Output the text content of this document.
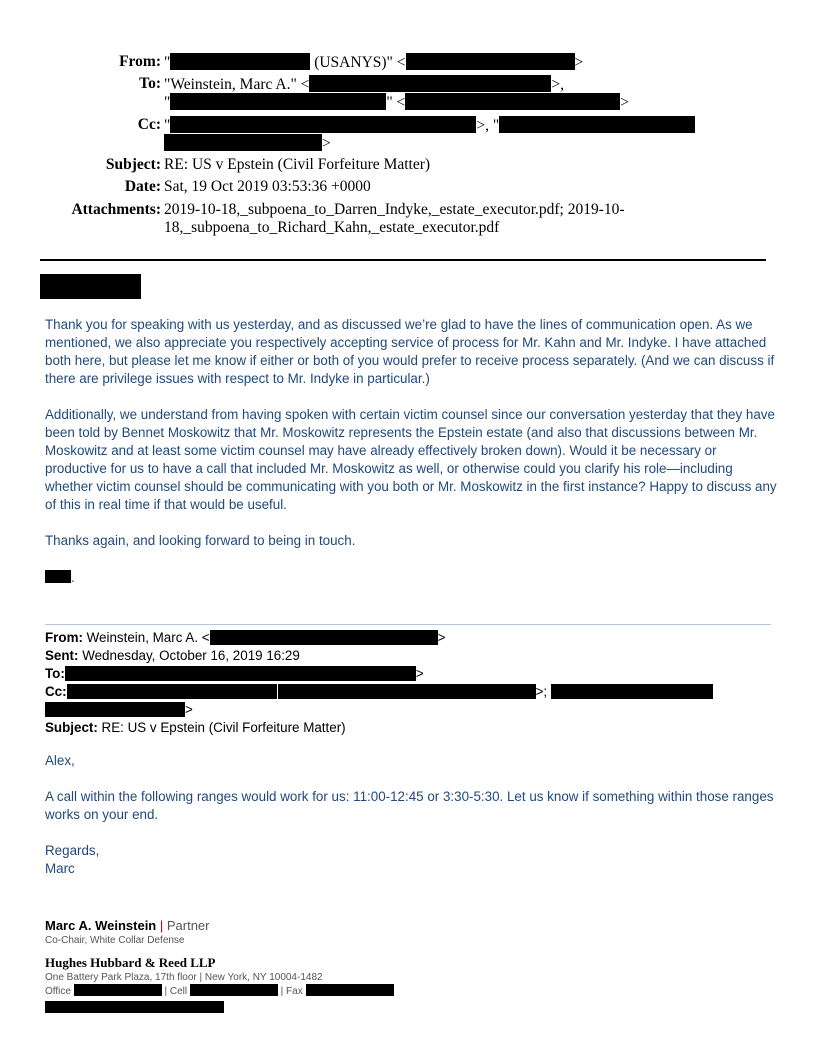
From: "	(USANYS)" <	>
To: "Weinstein, Marc A." <	>,
"	" <	>
Cc: "	>, "
>
Subject: RE: US v Epstein (Civil Forfeiture Matter)
Date: Sat, 19 Oct 2019 03:53:36 +0000
Attachments: 2019-10-18,_subpoena_to_Darren_Indyke,_estate_executor.pdf; 2019-10-
18,_subpoena_to_Richard_Kahn,_estate_executor.pdf

Thank you for speaking with us yesterday, and as discussed we’re glad to have the lines of communication open. As we mentioned, we also appreciate you respectively accepting service of process for Mr. Kahn and Mr. Indyke. I have attached both here, but please let me know if either or both of you would prefer to receive process separately. (And we can discuss if there are privilege issues with respect to Mr. Indyke in particular.)

Additionally, we understand from having spoken with certain victim counsel since our conversation yesterday that they have been told by Bennet Moskowitz that Mr. Moskowitz represents the Epstein estate (and also that discussions between Mr. Moskowitz and at least some victim counsel may have already effectively broken down). Would it be necessary or productive for us to have a call that included Mr. Moskowitz as well, or otherwise could you clarify his role—including whether victim counsel should be communicating with you both or Mr. Moskowitz in the first instance? Happy to discuss any of this in real time if that would be useful.

Thanks again, and looking forward to being in touch.

.
From: Weinstein, Marc A. <	>
Sent: Wednesday, October 16, 2019 16:29
To:	>
Cc:	>;
>
Subject: RE: US v Epstein (Civil Forfeiture Matter)

Alex,

A call within the following ranges would work for us: 11:00-12:45 or 3:30-5:30. Let us know if something within those ranges works on your end.

Regards,

Marc

Marc A. Weinstein | Partner
Co-Chair, White Collar Defense
Hughes Hubbard & Reed LLP
One Battery Park Plaza, 17th floor | New York, NY 10004-1482
Office	| Cell	| Fax
